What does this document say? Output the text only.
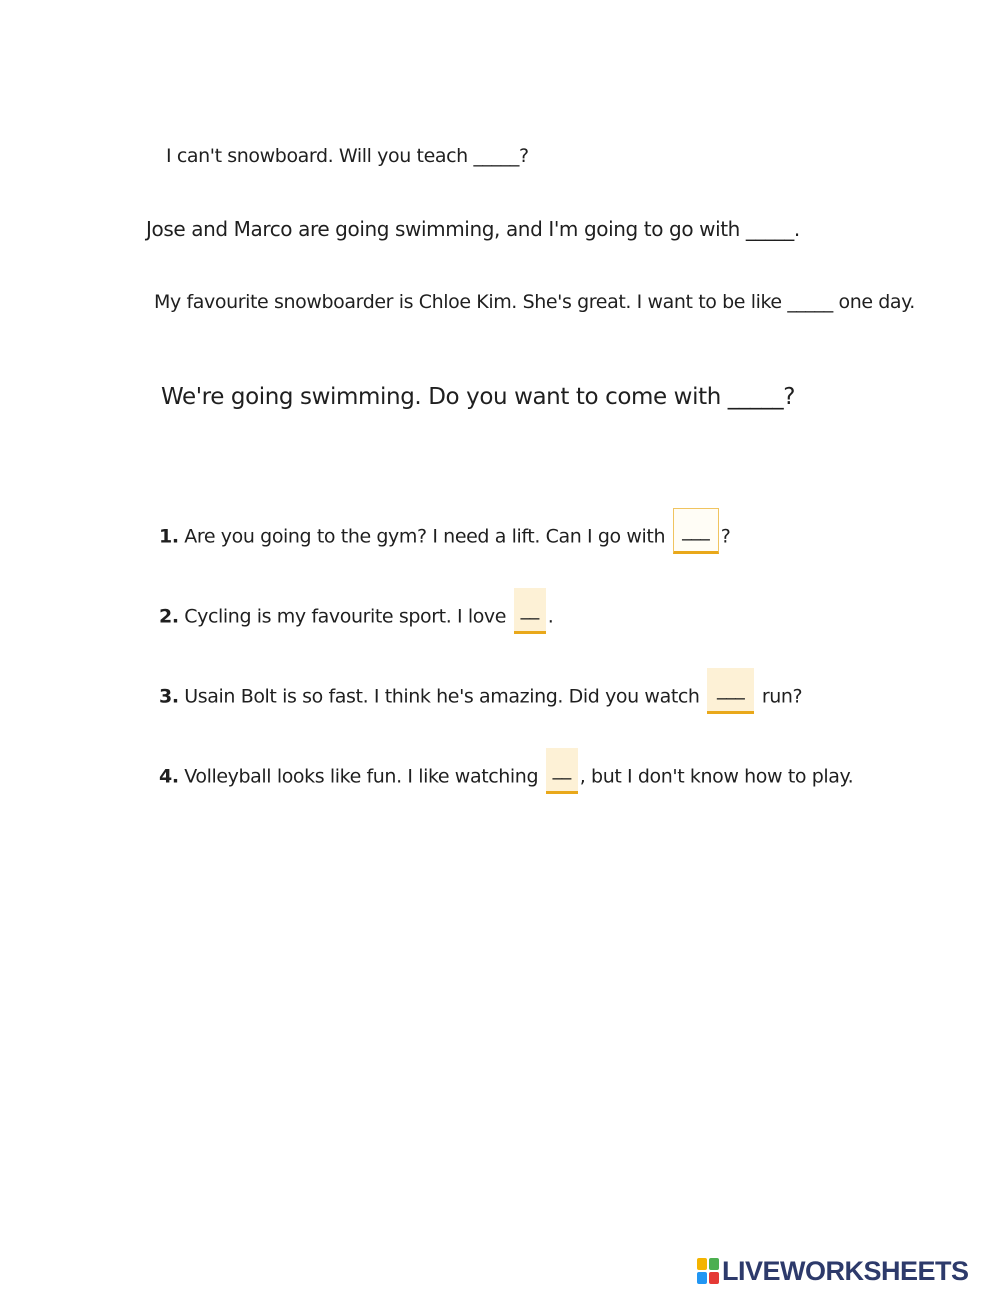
I can't snowboard. Will you teach _____?
Jose and Marco are going swimming, and I'm going to go with _____.
My favourite snowboarder is Chloe Kim. She's great. I want to be like _____ one day.
We're going swimming. Do you want to come with _____?
1. Are you going to the gym? I need a lift. Can I go with ___ ?
2. Cycling is my favourite sport. I love __ .
3. Usain Bolt is so fast. I think he's amazing. Did you watch ___ run?
4. Volleyball looks like fun. I like watching __ , but I don't know how to play.
LIVEWORKSHEETS
